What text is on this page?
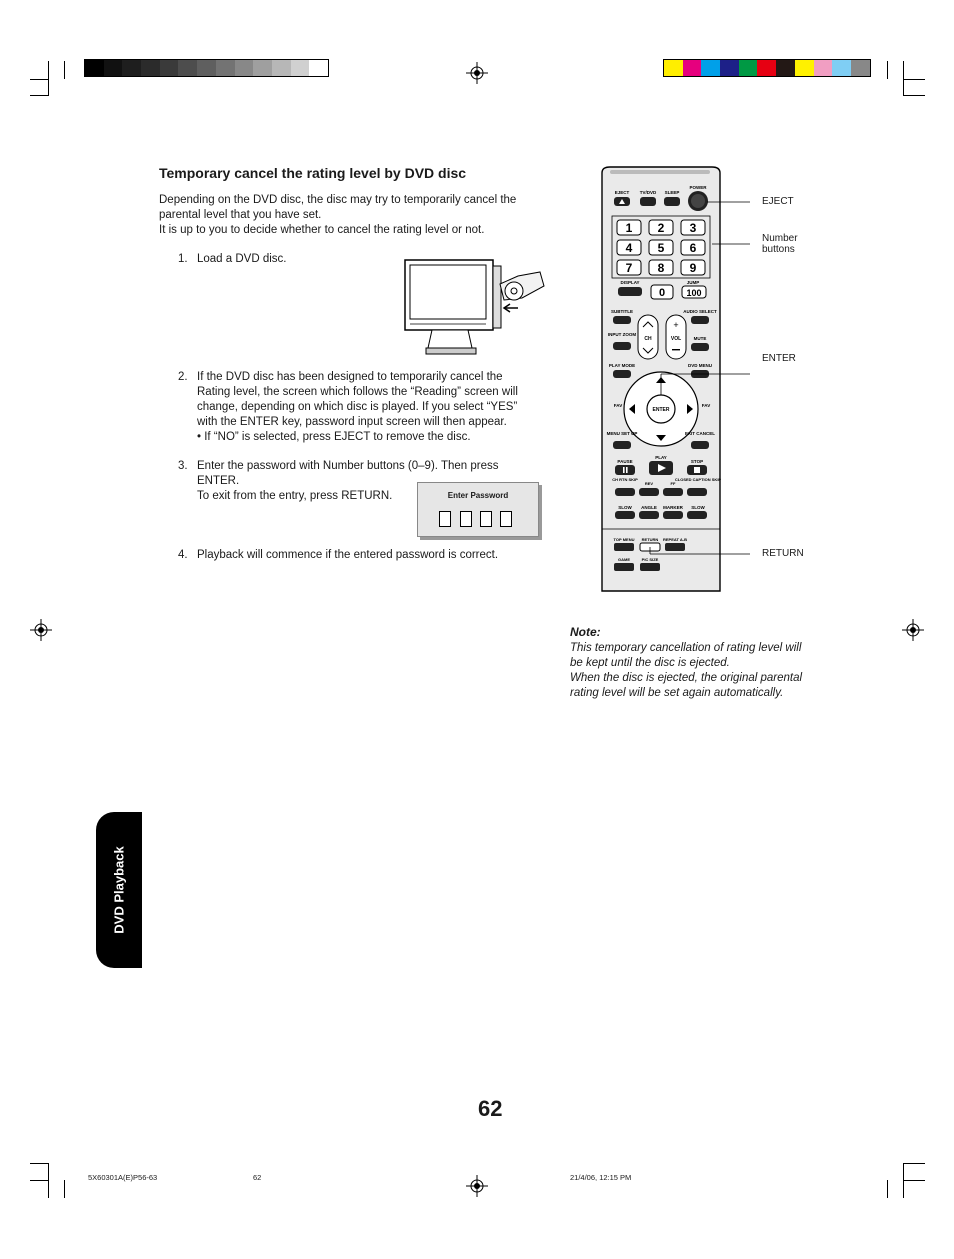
Temporary cancel the rating level by DVD disc
Depending on the DVD disc, the disc may try to temporarily cancel the
parental level that you have set.
It is up to you to decide whether to cancel the rating level or not.
1. Load a DVD disc.
2. If the DVD disc has been designed to temporarily cancel the
Rating level, the screen which follows the “Reading” screen will
change, depending on which disc is played. If you select “YES”
with the ENTER key, password input screen will then appear.
• If “NO” is selected, press EJECT to remove the disc.
3. Enter the password with Number buttons (0–9). Then press
ENTER.
To exit from the entry, press RETURN.
4. Playback will commence if the entered password is correct.
Enter Password
EJECT TV/DVD SLEEP
POWER
1 2 3
4 5 6
7 8 9
DISPLAY
0
JUMP
100
SUBTITLE	AUDIO SELECT
CH	VOL
+
INPUT ZOOM
MUTE
PLAY MODE	DVD MENU
ENTER
FAV	FAV
MENU SET UP	EXIT CANCEL
PAUSE
PLAY
STOP
CH RTN SKIP
REV	FF
CLOSED CAPTION SKIP
SLOW ANGLE MARKER SLOW
TOP MENU RETURN REPEAT A-B
GAME	PIC SIZE
EJECT
Number
buttons
ENTER
RETURN
Note:
This temporary cancellation of rating level will
be kept until the disc is ejected.
When the disc is ejected, the original parental
rating level will be set again automatically.
DVD Playback
62
5X60301A(E)P56-63	62	21/4/06, 12:15 PM
